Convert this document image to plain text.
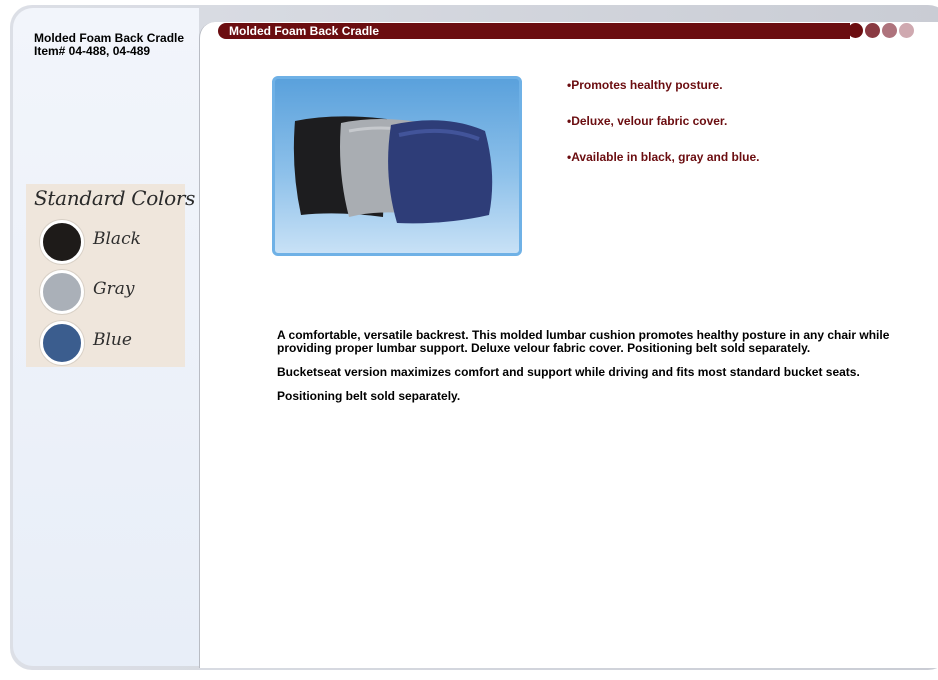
Molded Foam Back Cradle
Item# 04-488, 04-489
Standard Colors
Black
Gray
Blue
Molded Foam Back Cradle
•Promotes healthy posture.
•Deluxe, velour fabric cover.
•Available in black, gray and blue.

A comfortable, versatile backrest. This molded lumbar cushion promotes healthy posture in any chair while providing proper lumbar support. Deluxe velour fabric cover. Positioning belt sold separately.

Bucketseat version maximizes comfort and support while driving and fits most standard bucket seats.

Positioning belt sold separately.
